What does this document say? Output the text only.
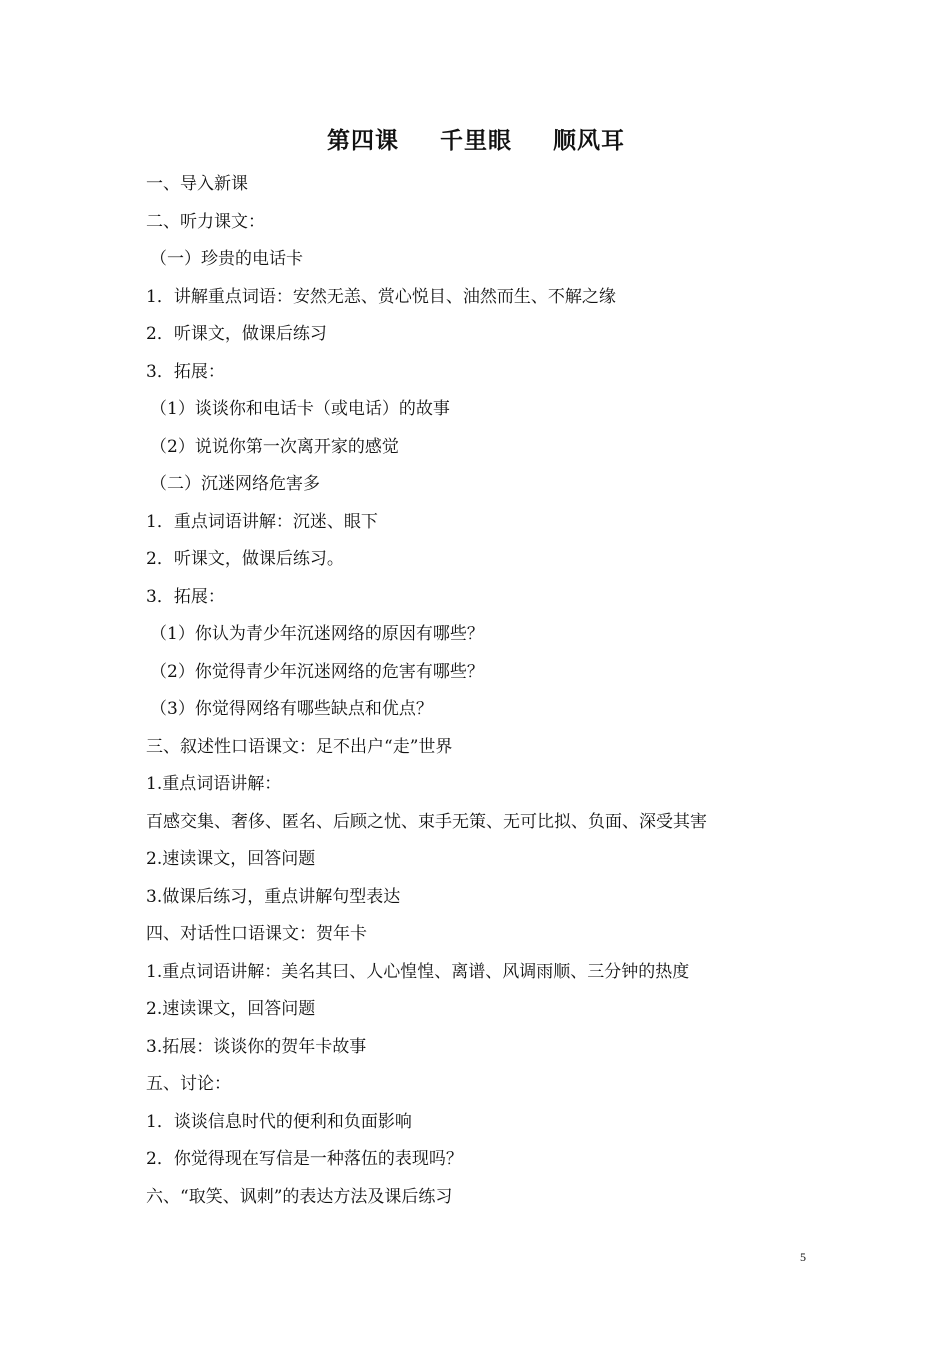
第四课 千里眼 顺风耳
一、导入新课
二、听力课文：
（一）珍贵的电话卡
1．讲解重点词语：安然无恙、赏心悦目、油然而生、不解之缘
2．听课文，做课后练习
3．拓展：
（1）谈谈你和电话卡（或电话）的故事
（2）说说你第一次离开家的感觉
（二）沉迷网络危害多
1．重点词语讲解：沉迷、眼下
2．听课文，做课后练习。
3．拓展：
（1）你认为青少年沉迷网络的原因有哪些？
（2）你觉得青少年沉迷网络的危害有哪些？
（3）你觉得网络有哪些缺点和优点？
三、叙述性口语课文：足不出户“走”世界
1.重点词语讲解：
百感交集、奢侈、匿名、后顾之忧、束手无策、无可比拟、负面、深受其害
2.速读课文，回答问题
3.做课后练习，重点讲解句型表达
四、对话性口语课文：贺年卡
1.重点词语讲解：美名其曰、人心惶惶、离谱、风调雨顺、三分钟的热度
2.速读课文，回答问题
3.拓展：谈谈你的贺年卡故事
五、讨论：
1．谈谈信息时代的便利和负面影响
2．你觉得现在写信是一种落伍的表现吗？
六、“取笑、讽刺”的表达方法及课后练习
5
